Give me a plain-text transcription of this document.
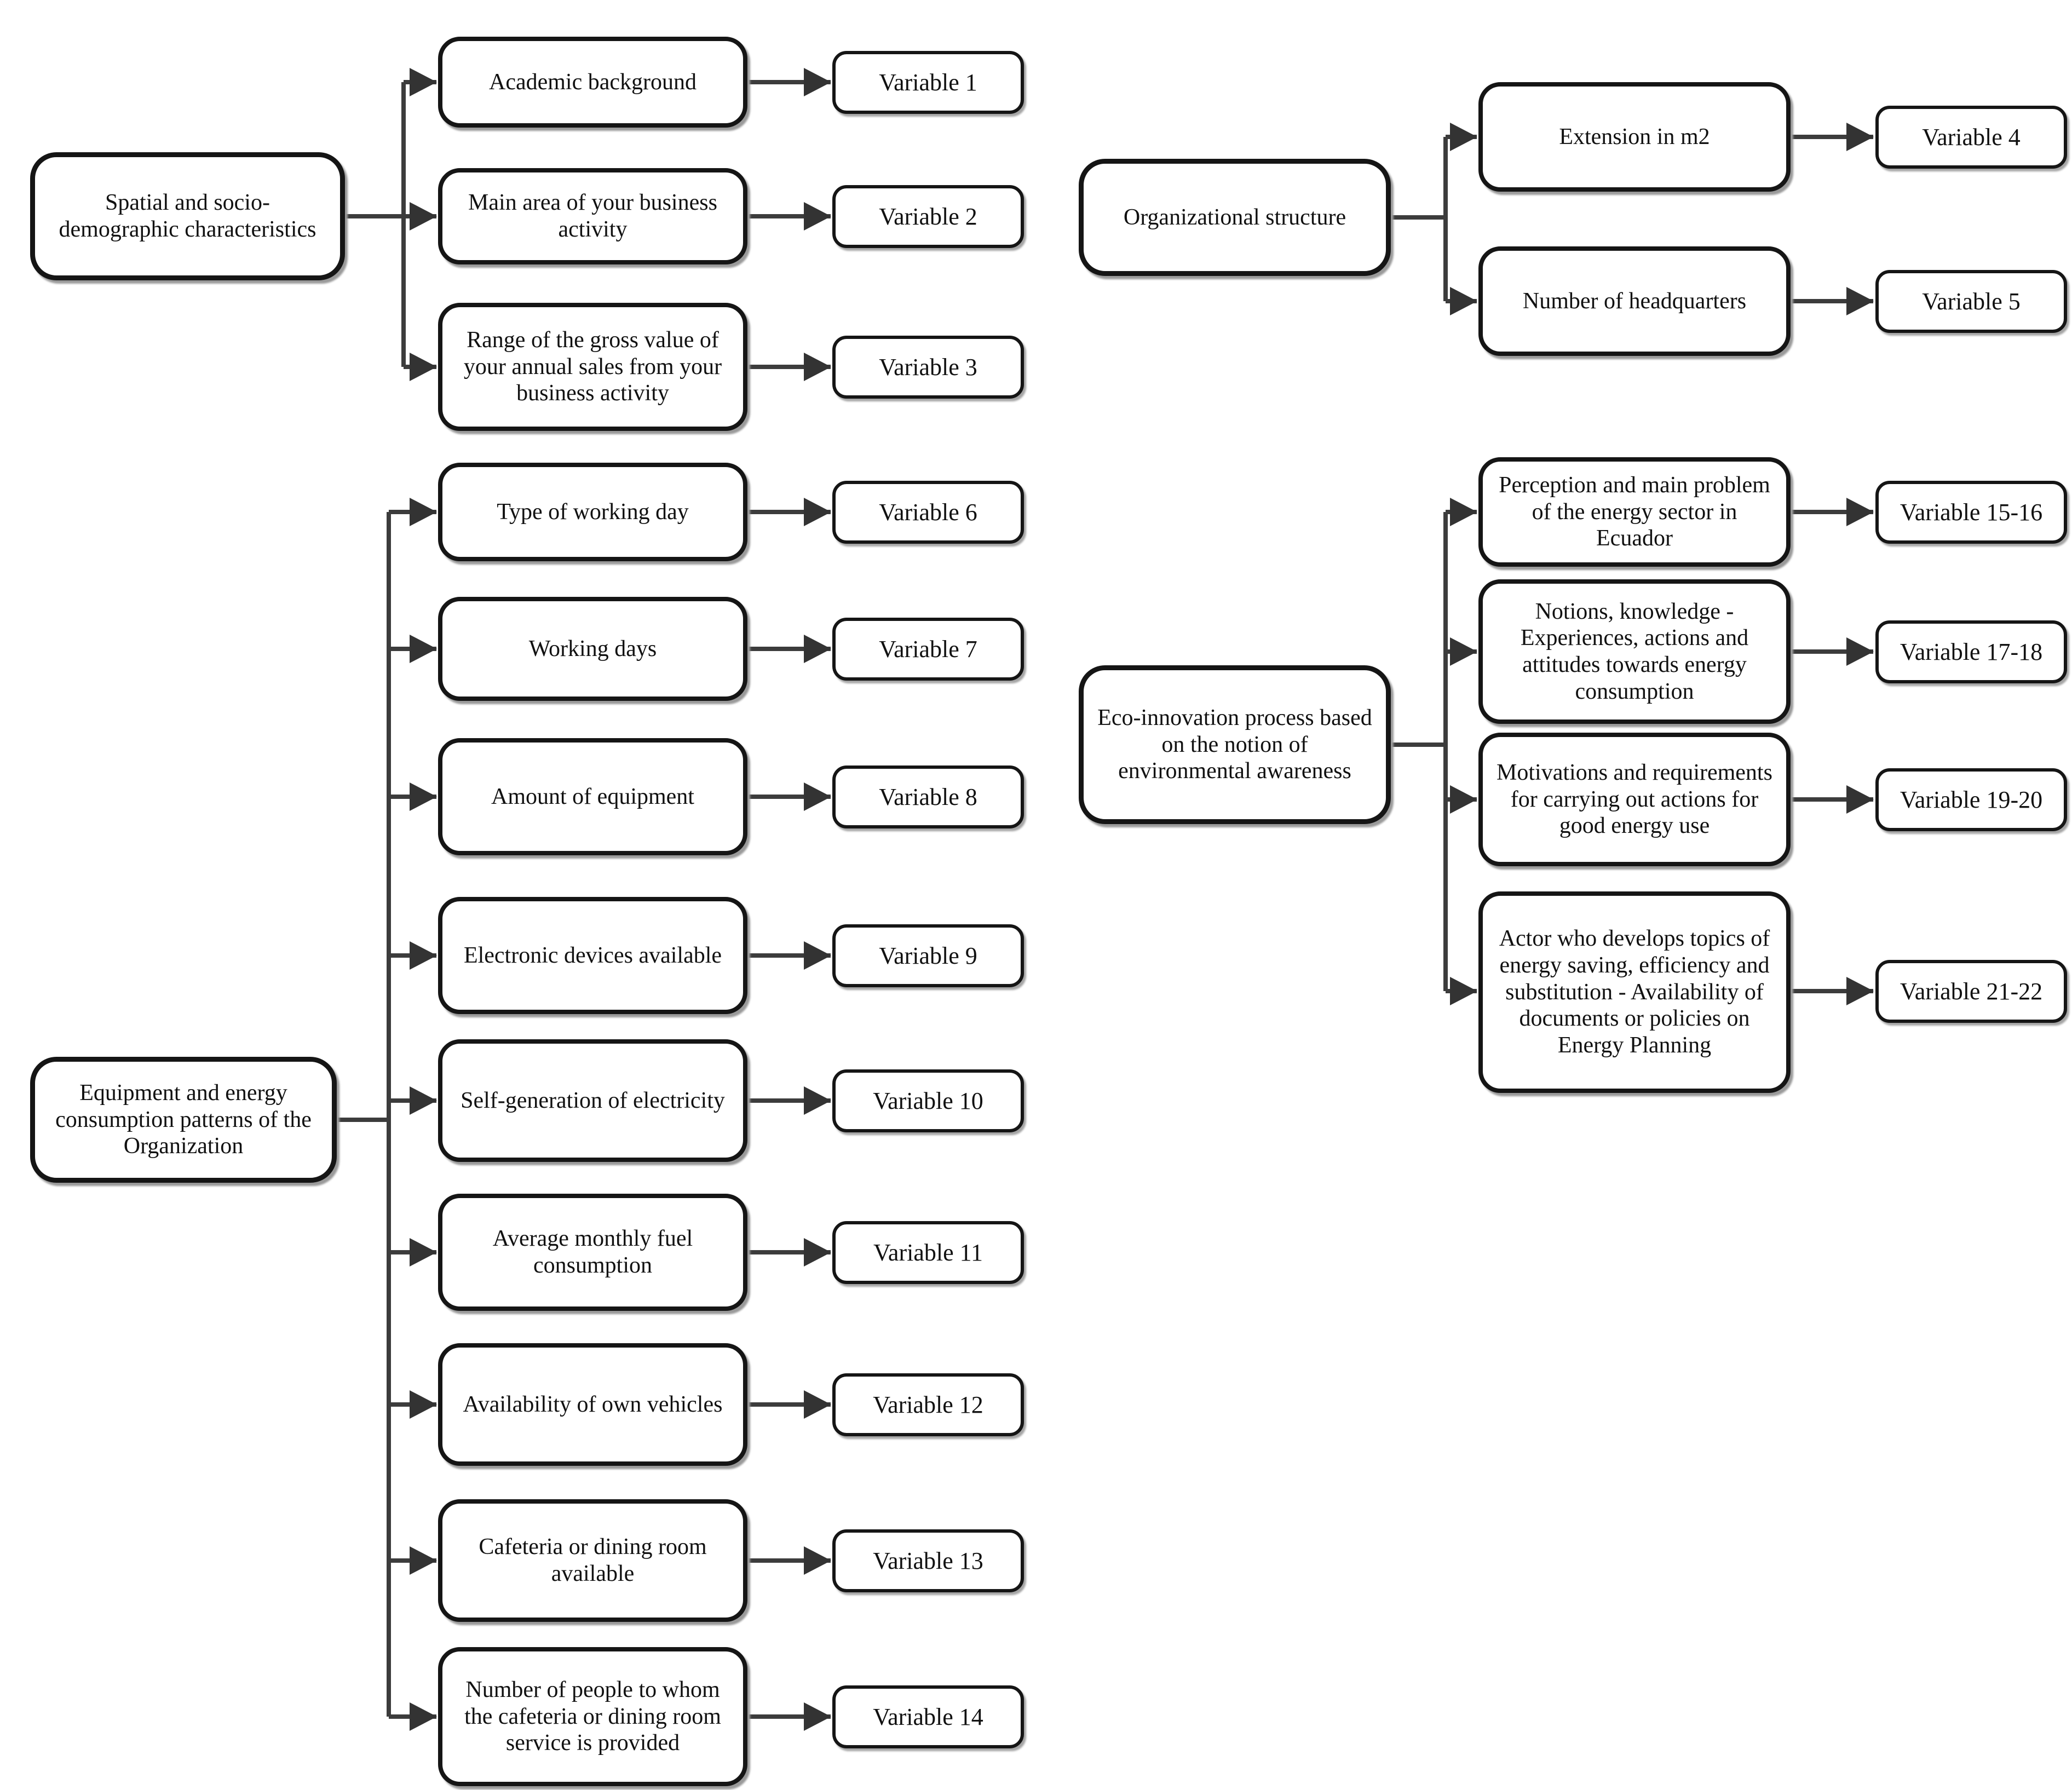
Spatial and socio-demographic characteristics
Academic background
Main area of your business activity
Range of the gross value of your annual sales from your business activity
Variable 1
Variable 2
Variable 3
Equipment and energy consumption patterns of the Organization
Type of working day
Working days
Amount of equipment
Electronic devices available
Self-generation of electricity
Average monthly fuel consumption
Availability of own vehicles
Cafeteria or dining room available
Number of people to whom the cafeteria or dining room service is provided
Variable 6
Variable 7
Variable 8
Variable 9
Variable 10
Variable 11
Variable 12
Variable 13
Variable 14
Organizational structure
Extension in m2
Number of headquarters
Variable 4
Variable 5
Eco-innovation process based on the notion of environmental awareness
Perception and main problem of the energy sector in Ecuador
Notions, knowledge - Experiences, actions and attitudes towards energy consumption
Motivations and requirements for carrying out actions for good energy use
Actor who develops topics of energy saving, efficiency and substitution - Availability of documents or policies on Energy Planning
Variable 15-16
Variable 17-18
Variable 19-20
Variable 21-22
